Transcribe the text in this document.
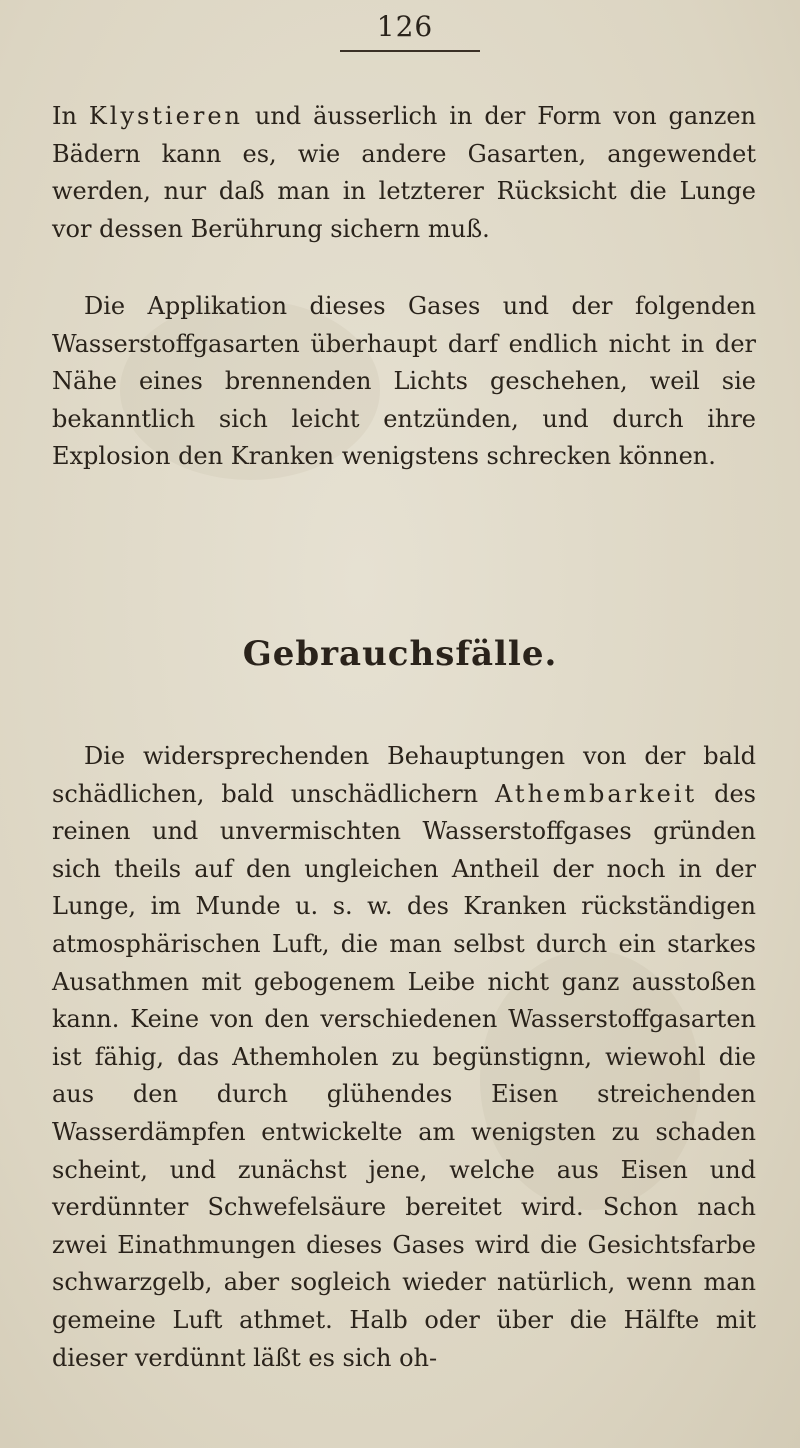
126

In Klystieren und äusserlich in der Form von ganzen Bädern kann es, wie andere Gasarten, angewendet werden, nur daß man in letzterer Rücksicht die Lunge vor dessen Berührung sichern muß.

Die Applikation dieses Gases und der folgenden Wasserstoffgasarten überhaupt darf endlich nicht in der Nähe eines brennenden Lichts geschehen, weil sie bekanntlich sich leicht entzünden, und durch ihre Explosion den Kranken wenigstens schrecken können.

Gebrauchsfälle.

Die widersprechenden Behauptungen von der bald schädlichen, bald unschädlichern Athembarkeit des reinen und unvermischten Wasserstoffgases gründen sich theils auf den ungleichen Antheil der noch in der Lunge, im Munde u. s. w. des Kranken rückständigen atmosphärischen Luft, die man selbst durch ein starkes Ausathmen mit gebogenem Leibe nicht ganz ausstoßen kann. Keine von den verschiedenen Wasserstoffgasarten ist fähig, das Athemholen zu begünstignn, wiewohl die aus den durch glühendes Eisen streichenden Wasserdämpfen entwickelte am wenigsten zu schaden scheint, und zunächst jene, welche aus Eisen und verdünnter Schwefelsäure bereitet wird. Schon nach zwei Einathmungen dieses Gases wird die Gesichtsfarbe schwarzgelb, aber sogleich wieder natürlich, wenn man gemeine Luft athmet. Halb oder über die Hälfte mit dieser verdünnt läßt es sich oh-
